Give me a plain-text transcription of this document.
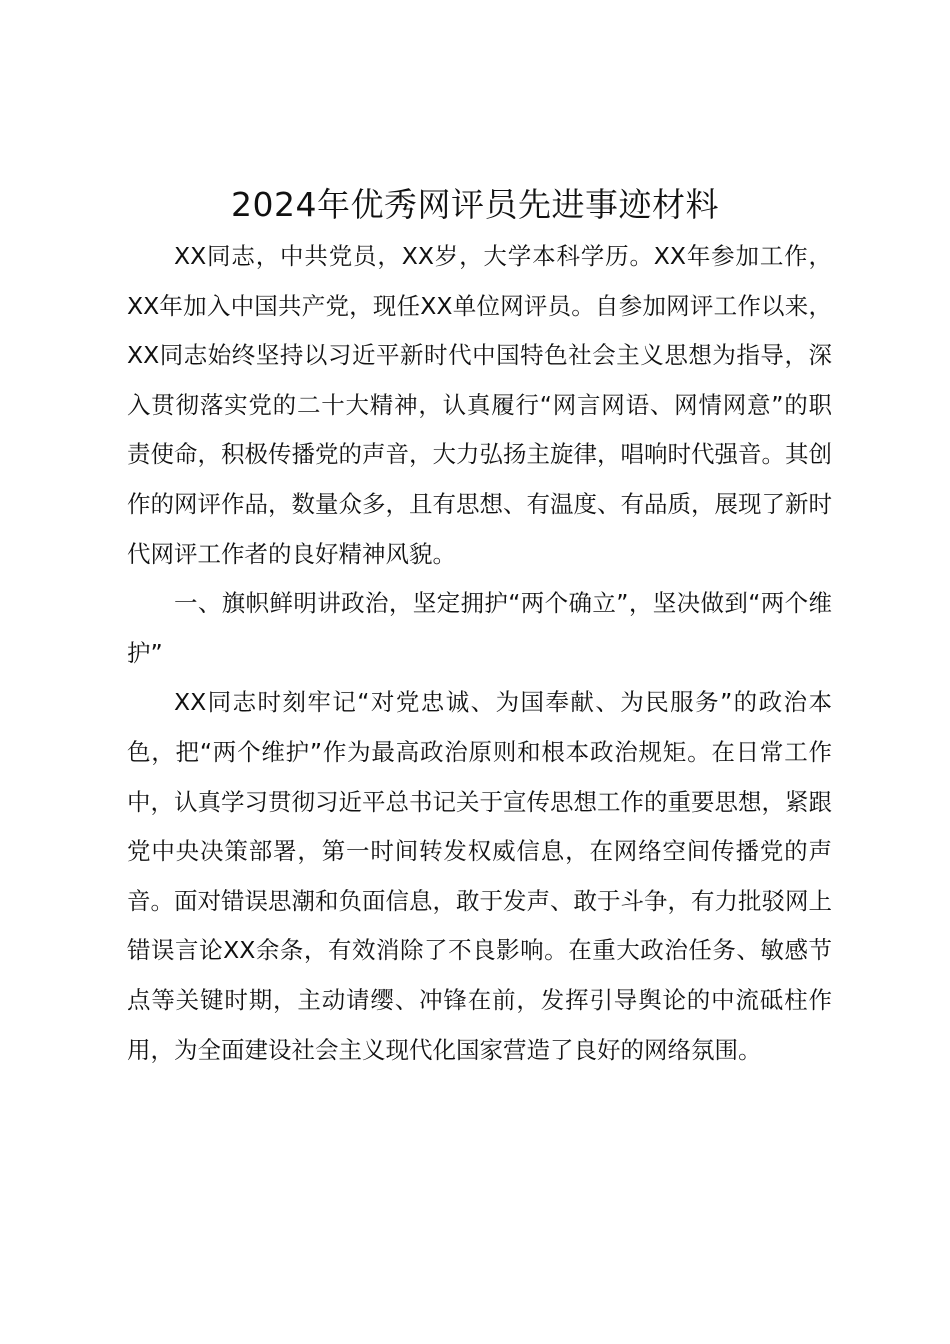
2024年优秀网评员先进事迹材料

XX同志，中共党员，XX岁，大学本科学历。XX年参加工作，XX年加入中国共产党，现任XX单位网评员。自参加网评工作以来，XX同志始终坚持以习近平新时代中国特色社会主义思想为指导，深入贯彻落实党的二十大精神，认真履行“网言网语、网情网意”的职责使命，积极传播党的声音，大力弘扬主旋律，唱响时代强音。其创作的网评作品，数量众多，且有思想、有温度、有品质，展现了新时代网评工作者的良好精神风貌。

一、旗帜鲜明讲政治，坚定拥护“两个确立”，坚决做到“两个维护”

XX同志时刻牢记“对党忠诚、为国奉献、为民服务”的政治本色，把“两个维护”作为最高政治原则和根本政治规矩。在日常工作中，认真学习贯彻习近平总书记关于宣传思想工作的重要思想，紧跟党中央决策部署，第一时间转发权威信息，在网络空间传播党的声音。面对错误思潮和负面信息，敢于发声、敢于斗争，有力批驳网上错误言论XX余条，有效消除了不良影响。在重大政治任务、敏感节点等关键时期，主动请缨、冲锋在前，发挥引导舆论的中流砥柱作用，为全面建设社会主义现代化国家营造了良好的网络氛围。
